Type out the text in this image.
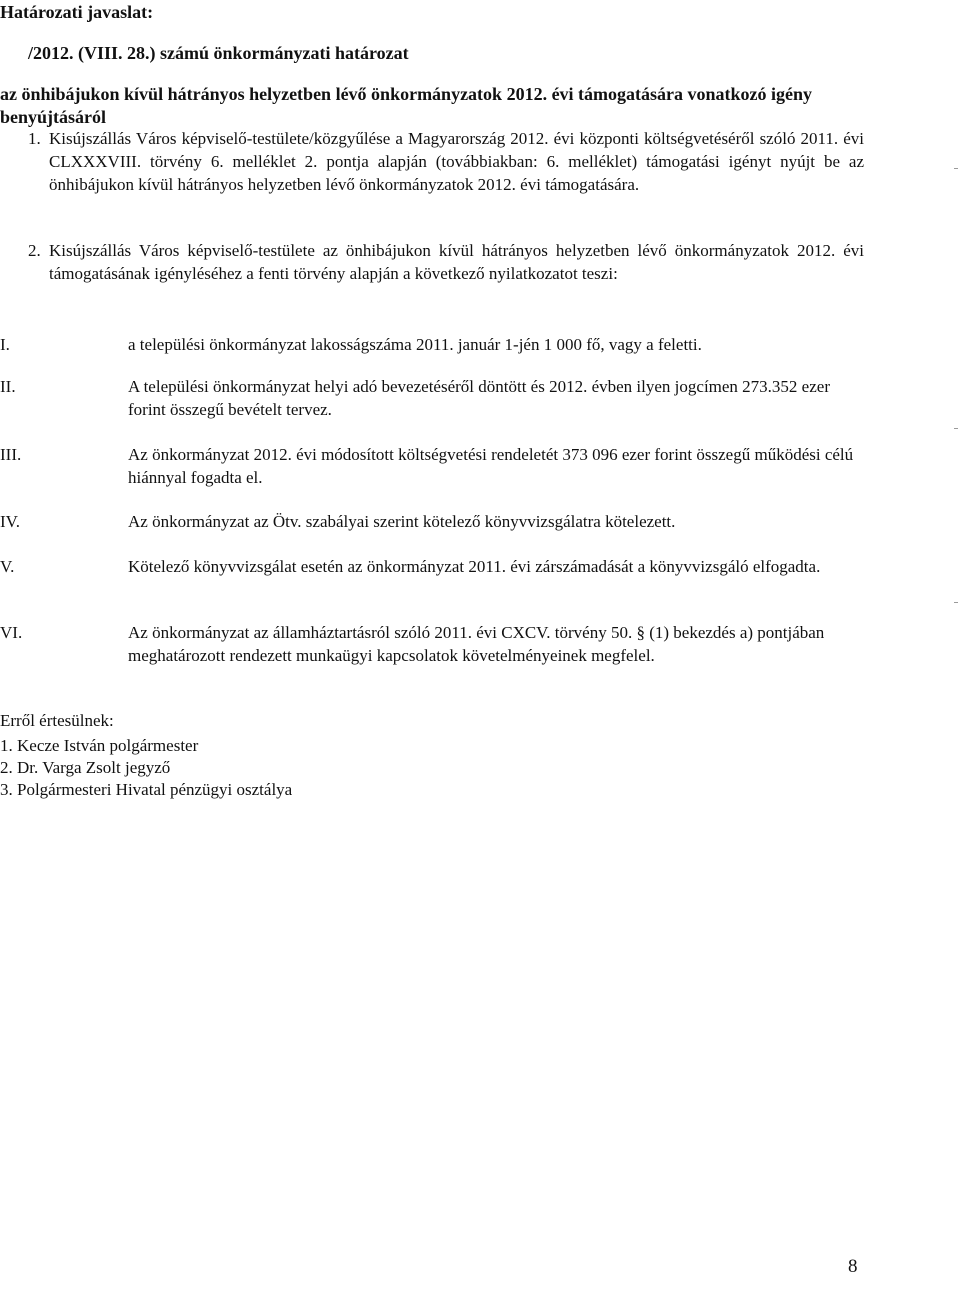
Határozati javaslat:
/2012. (VIII. 28.) számú önkormányzati határozat
az önhibájukon kívül hátrányos helyzetben lévő önkormányzatok 2012. évi támogatására vonatkozó igény benyújtásáról
1. Kisújszállás Város képviselő-testülete/közgyűlése a Magyarország 2012. évi központi költségvetéséről szóló 2011. évi CLXXXVIII. törvény 6. melléklet 2. pontja alapján (továbbiakban: 6. melléklet) támogatási igényt nyújt be az önhibájukon kívül hátrányos helyzetben lévő önkormányzatok 2012. évi támogatására.
2. Kisújszállás Város képviselő-testülete az önhibájukon kívül hátrányos helyzetben lévő önkormányzatok 2012. évi támogatásának igényléséhez a fenti törvény alapján a következő nyilatkozatot teszi:
I.	a települési önkormányzat lakosságszáma 2011. január 1-jén 1 000 fő, vagy a feletti.
II.	A települési önkormányzat helyi adó bevezetéséről döntött és 2012. évben ilyen jogcímen 273.352 ezer forint összegű bevételt tervez.
III.	Az önkormányzat 2012. évi módosított költségvetési rendeletét 373 096 ezer forint összegű működési célú hiánnyal fogadta el.
IV.	Az önkormányzat az Ötv. szabályai szerint kötelező könyvvizsgálatra kötelezett.
V.	Kötelező könyvvizsgálat esetén az önkormányzat 2011. évi zárszámadását a könyvvizsgáló elfogadta.
VI.	Az önkormányzat az államháztartásról szóló 2011. évi CXCV. törvény 50. § (1) bekezdés a) pontjában meghatározott rendezett munkaügyi kapcsolatok követelményeinek megfelel.
Erről értesülnek:
1. Kecze István polgármester
2. Dr. Varga Zsolt jegyző
3. Polgármesteri Hivatal pénzügyi osztálya
8
